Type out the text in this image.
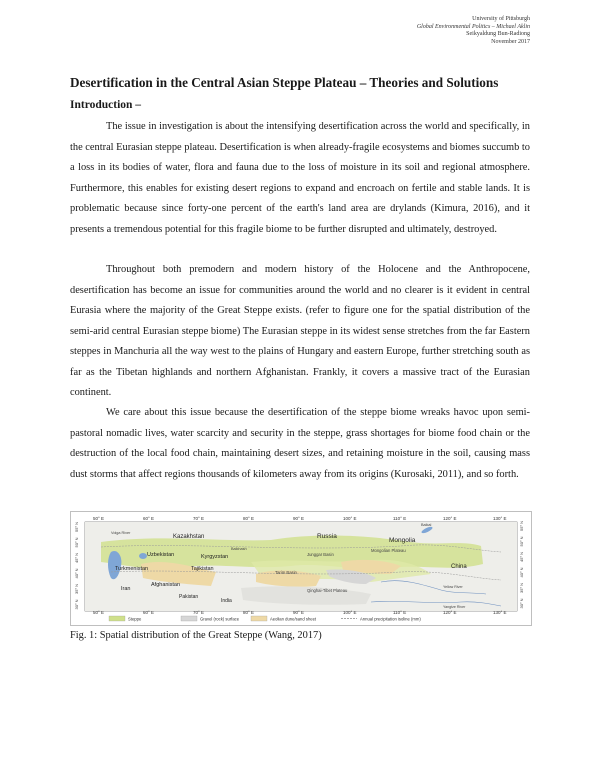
University of Pittsburgh
Global Environmental Politics – Michael Aklin
Seikyaldung Bun-Radiong
November 2017
Desertification in the Central Asian Steppe Plateau – Theories and Solutions
Introduction –

The issue in investigation is about the intensifying desertification across the world and specifically, in the central Eurasian steppe plateau. Desertification is when already-fragile ecosystems and biomes succumb to a loss in its bodies of water, flora and fauna due to the loss of moisture in its soil and regional atmosphere. Furthermore, this enables for existing desert regions to expand and encroach on fertile and stable lands. It is problematic because since forty-one percent of the earth's land area are drylands (Kimura, 2016), and it presents a tremendous potential for this fragile biome to be further disrupted and ultimately, destroyed.

Throughout both premodern and modern history of the Holocene and the Anthropocene, desertification has become an issue for communities around the world and no clearer is it evident in central Eurasia where the majority of the Great Steppe exists. (refer to figure one for the spatial distribution of the semi-arid central Eurasian steppe biome) The Eurasian steppe in its widest sense stretches from the far Eastern steppes in Manchuria all the way west to the plains of Hungary and eastern Europe, further stretching south as far as the Tibetan highlands and northern Afghanistan. Frankly, it covers a massive tract of the Eurasian continent.

We care about this issue because the desertification of the steppe biome wreaks havoc upon semi-pastoral nomadic lives, water scarcity and security in the steppe, grass shortages for biome food chain or the destruction of the local food chain, maintaining desert sizes, and retaining moisture in the soil, causing mass dust storms that affect regions thousands of kilometers away from its origins (Kurosaki, 2011), and so forth.

50° E	60° E	70° E	80° E	90° E	100° E	110° E	120° E	130° E
50° E	60° E	70° E	80° E	90° E	100° E	110° E	120° E	130° E
55° N
50° N
45° N
40° N
35° N
30° N
55° N
50° N
45° N
40° N
35° N
30° N
Russia
Kazakhstan	Mongolia
Uzbekistan	Kyrgyzstan
Turkmenistan	Tajikistan
Iran
Afghanistan
Pakistan
India
China
Mongolian Plateau
Tarim Basin
Qinghai-Tibet Plateau
Junggar Basin
Volga River
Baikal
Balkhash
Yellow River
Yangtze River
Steppe	Gravel (rock) surface	Aeolian dune/sand sheet	Annual precipitation isoline (mm)
Fig. 1: Spatial distribution of the Great Steppe (Wang, 2017)
